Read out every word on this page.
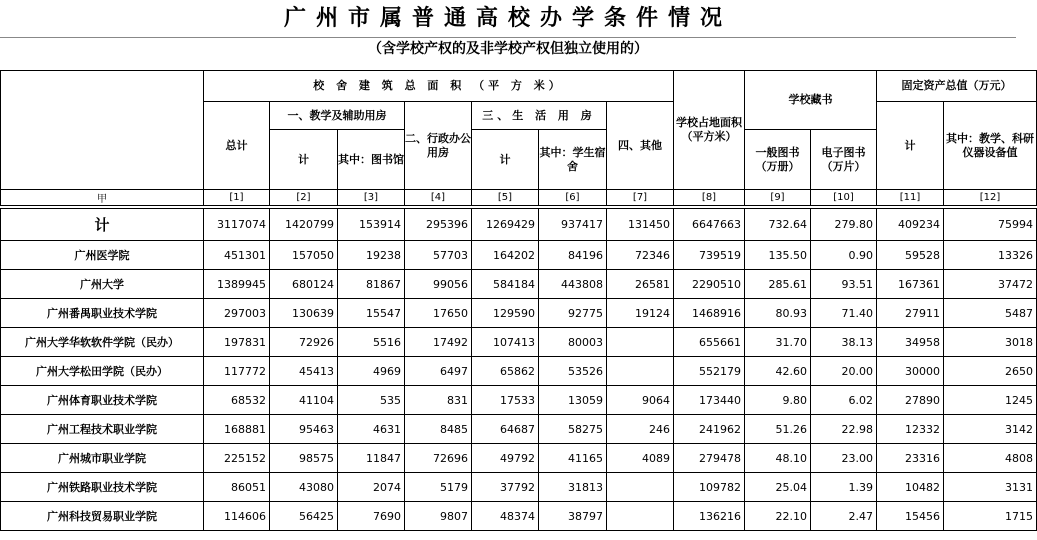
广州市属普通高校办学条件情况
（含学校产权的及非学校产权但独立使用的）
	校 舍 建 筑 总 面 积 （平 方 米）							学校占地面积（平方米）	学校藏书		固定资产总值（万元）	
	总计	一、教学及辅助用房		二、行政办公用房	三、生 活 用 房		四、其他				计	其中：教学、科研仪器设备值
		计	其中：图书馆		计	其中：学生宿舍			一般图书（万册）	电子图书（万片）		
甲	[1]	[2]	[3]	[4]	[5]	[6]	[7]	[8]	[9]	[10]	[11]	[12]

计	3117074	1420799	153914	295396	1269429	937417	131450	6647663	732.64	279.80	409234	75994
广州医学院	451301	157050	19238	57703	164202	84196	72346	739519	135.50	0.90	59528	13326
广州大学	1389945	680124	81867	99056	584184	443808	26581	2290510	285.61	93.51	167361	37472
广州番禺职业技术学院	297003	130639	15547	17650	129590	92775	19124	1468916	80.93	71.40	27911	5487
广州大学华软软件学院（民办）	197831	72926	5516	17492	107413	80003		655661	31.70	38.13	34958	3018
广州大学松田学院（民办）	117772	45413	4969	6497	65862	53526		552179	42.60	20.00	30000	2650
广州体育职业技术学院	68532	41104	535	831	17533	13059	9064	173440	9.80	6.02	27890	1245
广州工程技术职业学院	168881	95463	4631	8485	64687	58275	246	241962	51.26	22.98	12332	3142
广州城市职业学院	225152	98575	11847	72696	49792	41165	4089	279478	48.10	23.00	23316	4808
广州铁路职业技术学院	86051	43080	2074	5179	37792	31813		109782	25.04	1.39	10482	3131
广州科技贸易职业学院	114606	56425	7690	9807	48374	38797		136216	22.10	2.47	15456	1715
